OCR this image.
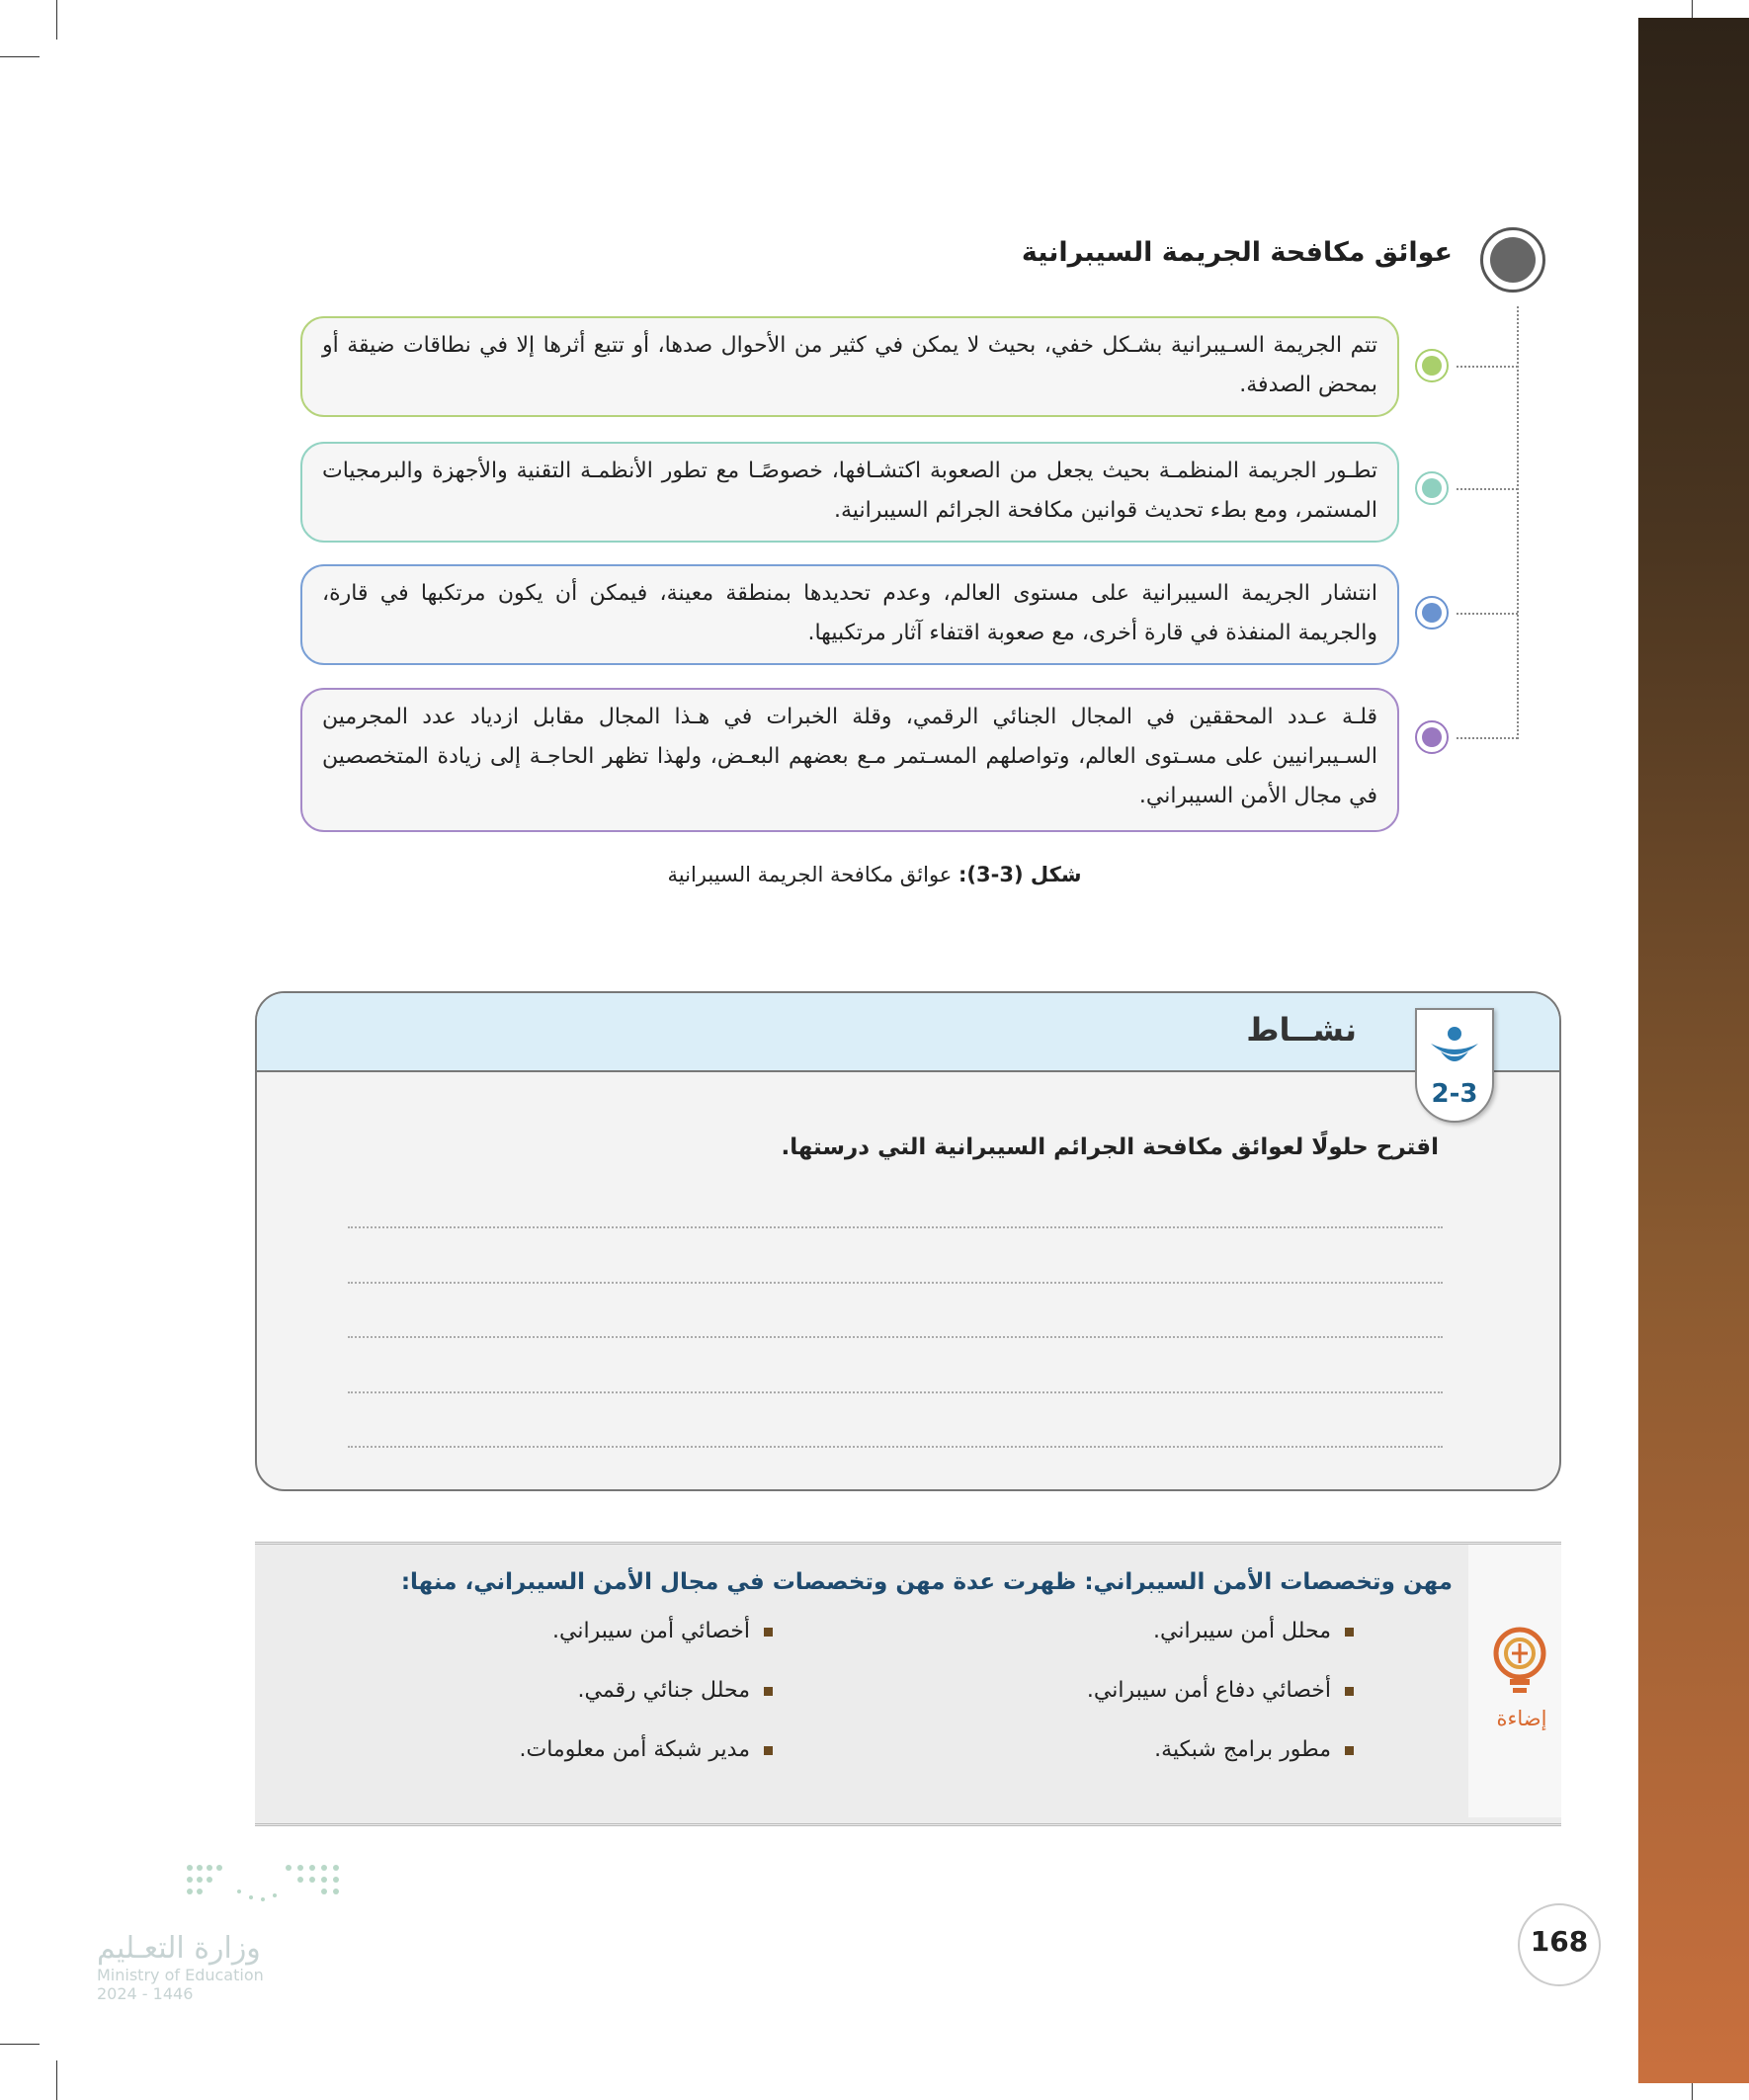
عوائق مكافحة الجريمة السيبرانية
تتم الجريمة السـيبرانية بشـكل خفي، بحيث لا يمكن في كثير من الأحوال صدها، أو تتبع أثرها إلا في نطاقات ضيقة أو بمحض الصدفة.
تطـور الجريمة المنظمـة بحيث يجعل من الصعوبة اكتشـافها، خصوصًـا مع تطور الأنظمـة التقنية والأجهزة والبرمجيات المستمر، ومع بطء تحديث قوانين مكافحة الجرائم السيبرانية.
انتشار الجريمة السيبرانية على مستوى العالم، وعدم تحديدها بمنطقة معينة، فيمكن أن يكون مرتكبها في قارة، والجريمة المنفذة في قارة أخرى، مع صعوبة اقتفاء آثار مرتكبيها.
قلـة عـدد المحققين في المجال الجنائي الرقمي، وقلة الخبرات في هـذا المجال مقابل ازدياد عدد المجرمين السـيبرانيين على مسـتوى العالم، وتواصلهم المسـتمر مـع بعضهم البعـض، ولهذا تظهر الحاجـة إلى زيادة المتخصصين في مجال الأمن السيبراني.
شكل (3-3): عوائق مكافحة الجريمة السيبرانية
نشــاط
2-3
اقترح حلولًا لعوائق مكافحة الجرائم السيبرانية التي درستها.
إضاءة
مهن وتخصصات الأمن السيبراني: ظهرت عدة مهن وتخصصات في مجال الأمن السيبراني، منها:
محلل أمن سيبراني.
أخصائي دفاع أمن سيبراني.
مطور برامج شبكية.
أخصائي أمن سيبراني.
محلل جنائي رقمي.
مدير شبكة أمن معلومات.
168
وزارة التعـليم
Ministry of Education
2024 - 1446
